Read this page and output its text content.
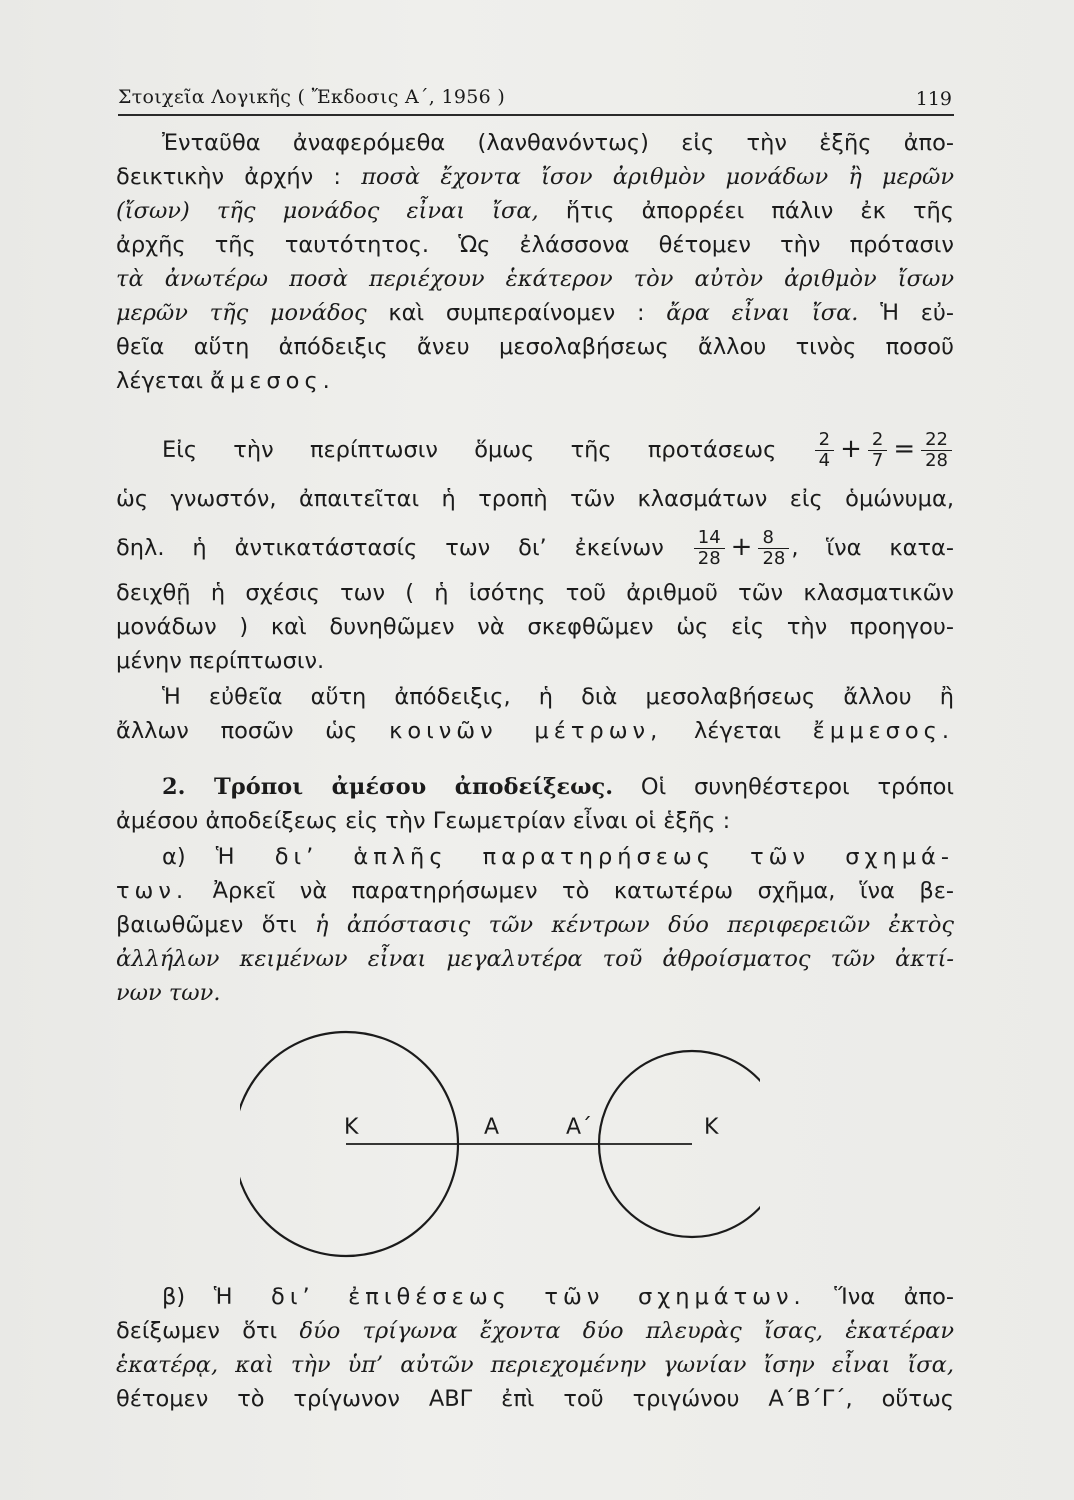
Στοιχεῖα Λογικῆς ( Ἔκδοσις Α΄, 1956 )	119
Ἐνταῦθα ἀναφερόμεθα (λανθανόντως) εἰς τὴν ἑξῆς ἀπο-
δεικτικὴν ἀρχήν : ποσὰ ἔχοντα ἴσον ἀριθμὸν μονάδων ἢ μερῶν
(ἴσων) τῆς μονάδος εἶναι ἴσα, ἥτις ἀπορρέει πάλιν ἐκ τῆς
ἀρχῆς τῆς ταυτότητος. Ὡς ἐλάσσονα θέτομεν τὴν πρότασιν
τὰ ἀνωτέρω ποσὰ περιέχουν ἑκάτερον τὸν αὐτὸν ἀριθμὸν ἴσων
μερῶν τῆς μονάδος καὶ συμπεραίνομεν : ἄρα εἶναι ἴσα. Ἡ εὐ-
θεῖα αὕτη ἀπόδειξις ἄνευ μεσολαβήσεως ἄλλου τινὸς ποσοῦ
λέγεται ἄμεσος.
Εἰς τὴν περίπτωσιν ὅμως τῆς προτάσεως $\frac{2}{4} + \frac{2}{7} = \frac{22}{28}$
ὡς γνωστόν, ἀπαιτεῖται ἡ τροπὴ τῶν κλασμάτων εἰς ὁμώνυμα,
δηλ. ἡ ἀντικατάστασίς των δι’ ἐκείνων $\frac{14}{28} + \frac{8}{28}$ , ἵνα κατα-
δειχθῇ ἡ σχέσις των ( ἡ ἰσότης τοῦ ἀριθμοῦ τῶν κλασματικῶν
μονάδων ) καὶ δυνηθῶμεν νὰ σκεφθῶμεν ὡς εἰς τὴν προηγου-
μένην περίπτωσιν.
Ἡ εὐθεῖα αὕτη ἀπόδειξις, ἡ διὰ μεσολαβήσεως ἄλλου ἢ
ἄλλων ποσῶν ὡς κοινῶν μέτρων, λέγεται ἔμμεσος.
2. Τρόποι ἀμέσου ἀποδείξεως. Οἱ συνηθέστεροι τρόποι
ἀμέσου ἀποδείξεως εἰς τὴν Γεωμετρίαν εἶναι οἱ ἑξῆς :
α) Ἡ δι’ ἁπλῆς παρατηρήσεως τῶν σχημά-
των. Ἀρκεῖ νὰ παρατηρήσωμεν τὸ κατωτέρω σχῆμα, ἵνα βε-
βαιωθῶμεν ὅτι ἡ ἀπόστασις τῶν κέντρων δύο περιφερειῶν ἐκτὸς
ἀλλήλων κειμένων εἶναι μεγαλυτέρα τοῦ ἀθροίσματος τῶν ἀκτί-
νων των.
Κ	Α	Α΄	Κ
β) Ἡ δι’ ἐπιθέσεως τῶν σχημάτων. Ἵνα ἀπο-
δείξωμεν ὅτι δύο τρίγωνα ἔχοντα δύο πλευρὰς ἴσας, ἑκατέραν
ἑκατέρᾳ, καὶ τὴν ὑπ’ αὐτῶν περιεχομένην γωνίαν ἴσην εἶναι ἴσα,
θέτομεν τὸ τρίγωνον ΑΒΓ ἐπὶ τοῦ τριγώνου Α΄Β΄Γ΄, οὕτως
